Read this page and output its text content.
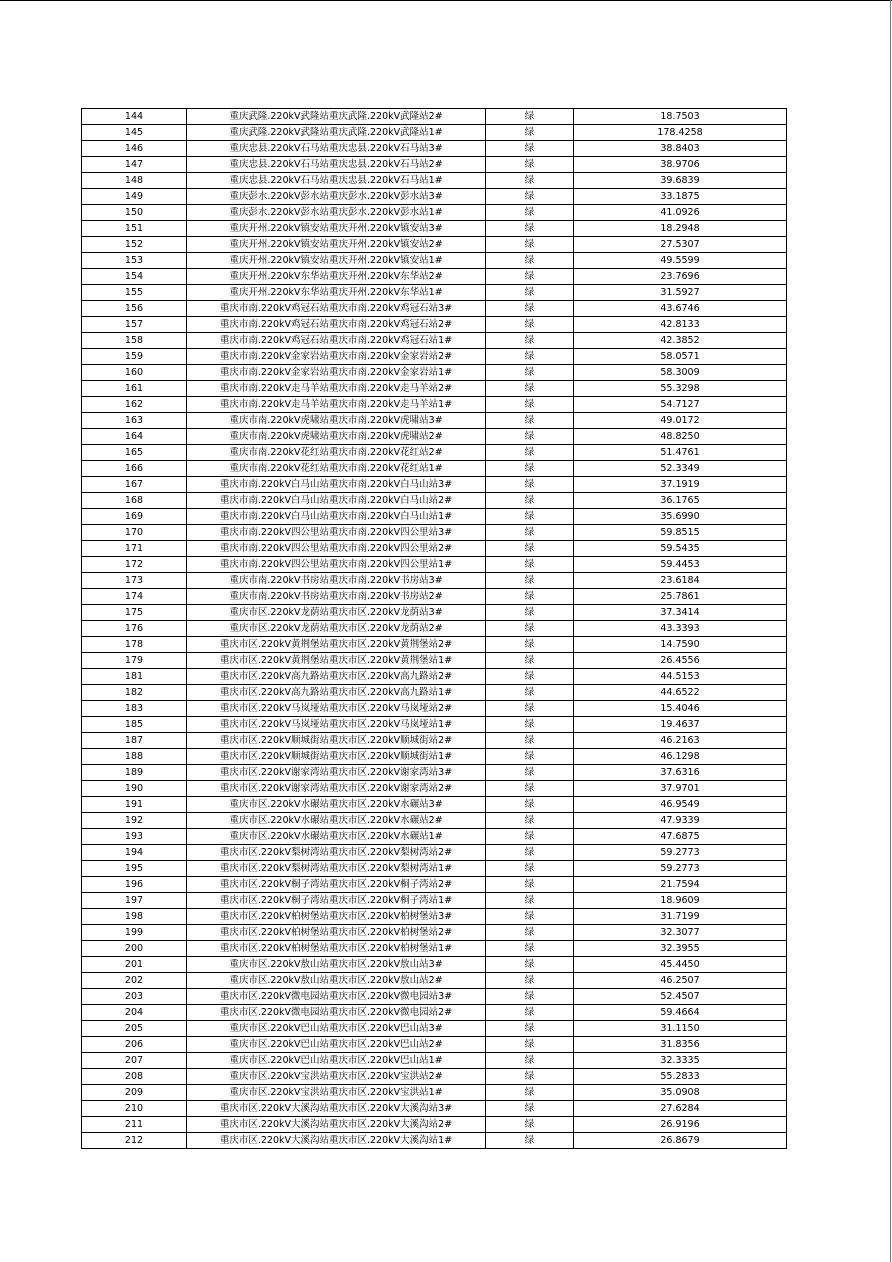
144	重庆武隆.220kV武隆站重庆武隆.220kV武隆站2#	绿	18.7503
145	重庆武隆.220kV武隆站重庆武隆.220kV武隆站1#	绿	178.4258
146	重庆忠县.220kV石马站重庆忠县.220kV石马站3#	绿	38.8403
147	重庆忠县.220kV石马站重庆忠县.220kV石马站2#	绿	38.9706
148	重庆忠县.220kV石马站重庆忠县.220kV石马站1#	绿	39.6839
149	重庆彭水.220kV彭水站重庆彭水.220kV彭水站3#	绿	33.1875
150	重庆彭水.220kV彭水站重庆彭水.220kV彭水站1#	绿	41.0926
151	重庆开州.220kV镇安站重庆开州.220kV镇安站3#	绿	18.2948
152	重庆开州.220kV镇安站重庆开州.220kV镇安站2#	绿	27.5307
153	重庆开州.220kV镇安站重庆开州.220kV镇安站1#	绿	49.5599
154	重庆开州.220kV东华站重庆开州.220kV东华站2#	绿	23.7696
155	重庆开州.220kV东华站重庆开州.220kV东华站1#	绿	31.5927
156	重庆市南.220kV鸡冠石站重庆市南.220kV鸡冠石站3#	绿	43.6746
157	重庆市南.220kV鸡冠石站重庆市南.220kV鸡冠石站2#	绿	42.8133
158	重庆市南.220kV鸡冠石站重庆市南.220kV鸡冠石站1#	绿	42.3852
159	重庆市南.220kV金家岩站重庆市南.220kV金家岩站2#	绿	58.0571
160	重庆市南.220kV金家岩站重庆市南.220kV金家岩站1#	绿	58.3009
161	重庆市南.220kV走马羊站重庆市南.220kV走马羊站2#	绿	55.3298
162	重庆市南.220kV走马羊站重庆市南.220kV走马羊站1#	绿	54.7127
163	重庆市南.220kV虎啸站重庆市南.220kV虎啸站3#	绿	49.0172
164	重庆市南.220kV虎啸站重庆市南.220kV虎啸站2#	绿	48.8250
165	重庆市南.220kV花红站重庆市南.220kV花红站2#	绿	51.4761
166	重庆市南.220kV花红站重庆市南.220kV花红站1#	绿	52.3349
167	重庆市南.220kV白马山站重庆市南.220kV白马山站3#	绿	37.1919
168	重庆市南.220kV白马山站重庆市南.220kV白马山站2#	绿	36.1765
169	重庆市南.220kV白马山站重庆市南.220kV白马山站1#	绿	35.6990
170	重庆市南.220kV四公里站重庆市南.220kV四公里站3#	绿	59.8515
171	重庆市南.220kV四公里站重庆市南.220kV四公里站2#	绿	59.5435
172	重庆市南.220kV四公里站重庆市南.220kV四公里站1#	绿	59.4453
173	重庆市南.220kV书房站重庆市南.220kV书房站3#	绿	23.6184
174	重庆市南.220kV书房站重庆市南.220kV书房站2#	绿	25.7861
175	重庆市区.220kV龙荫站重庆市区.220kV龙荫站3#	绿	37.3414
176	重庆市区.220kV龙荫站重庆市区.220kV龙荫站2#	绿	43.3393
178	重庆市区.220kV黄荆堡站重庆市区.220kV黄荆堡站2#	绿	14.7590
179	重庆市区.220kV黄荆堡站重庆市区.220kV黄荆堡站1#	绿	26.4556
181	重庆市区.220kV高九路站重庆市区.220kV高九路站2#	绿	44.5153
182	重庆市区.220kV高九路站重庆市区.220kV高九路站1#	绿	44.6522
183	重庆市区.220kV马岚垭站重庆市区.220kV马岚垭站2#	绿	15.4046
185	重庆市区.220kV马岚垭站重庆市区.220kV马岚垭站1#	绿	19.4637
187	重庆市区.220kV顺城街站重庆市区.220kV顺城街站2#	绿	46.2163
188	重庆市区.220kV顺城街站重庆市区.220kV顺城街站1#	绿	46.1298
189	重庆市区.220kV谢家湾站重庆市区.220kV谢家湾站3#	绿	37.6316
190	重庆市区.220kV谢家湾站重庆市区.220kV谢家湾站2#	绿	37.9701
191	重庆市区.220kV水碾站重庆市区.220kV水碾站3#	绿	46.9549
192	重庆市区.220kV水碾站重庆市区.220kV水碾站2#	绿	47.9339
193	重庆市区.220kV水碾站重庆市区.220kV水碾站1#	绿	47.6875
194	重庆市区.220kV梨树湾站重庆市区.220kV梨树湾站2#	绿	59.2773
195	重庆市区.220kV梨树湾站重庆市区.220kV梨树湾站1#	绿	59.2773
196	重庆市区.220kV桐子湾站重庆市区.220kV桐子湾站2#	绿	21.7594
197	重庆市区.220kV桐子湾站重庆市区.220kV桐子湾站1#	绿	18.9609
198	重庆市区.220kV柏树堡站重庆市区.220kV柏树堡站3#	绿	31.7199
199	重庆市区.220kV柏树堡站重庆市区.220kV柏树堡站2#	绿	32.3077
200	重庆市区.220kV柏树堡站重庆市区.220kV柏树堡站1#	绿	32.3955
201	重庆市区.220kV敖山站重庆市区.220kV敖山站3#	绿	45.4450
202	重庆市区.220kV敖山站重庆市区.220kV敖山站2#	绿	46.2507
203	重庆市区.220kV微电园站重庆市区.220kV微电园站3#	绿	52.4507
204	重庆市区.220kV微电园站重庆市区.220kV微电园站2#	绿	59.4664
205	重庆市区.220kV巴山站重庆市区.220kV巴山站3#	绿	31.1150
206	重庆市区.220kV巴山站重庆市区.220kV巴山站2#	绿	31.8356
207	重庆市区.220kV巴山站重庆市区.220kV巴山站1#	绿	32.3335
208	重庆市区.220kV宝洪站重庆市区.220kV宝洪站2#	绿	55.2833
209	重庆市区.220kV宝洪站重庆市区.220kV宝洪站1#	绿	35.0908
210	重庆市区.220kV大溪沟站重庆市区.220kV大溪沟站3#	绿	27.6284
211	重庆市区.220kV大溪沟站重庆市区.220kV大溪沟站2#	绿	26.9196
212	重庆市区.220kV大溪沟站重庆市区.220kV大溪沟站1#	绿	26.8679
